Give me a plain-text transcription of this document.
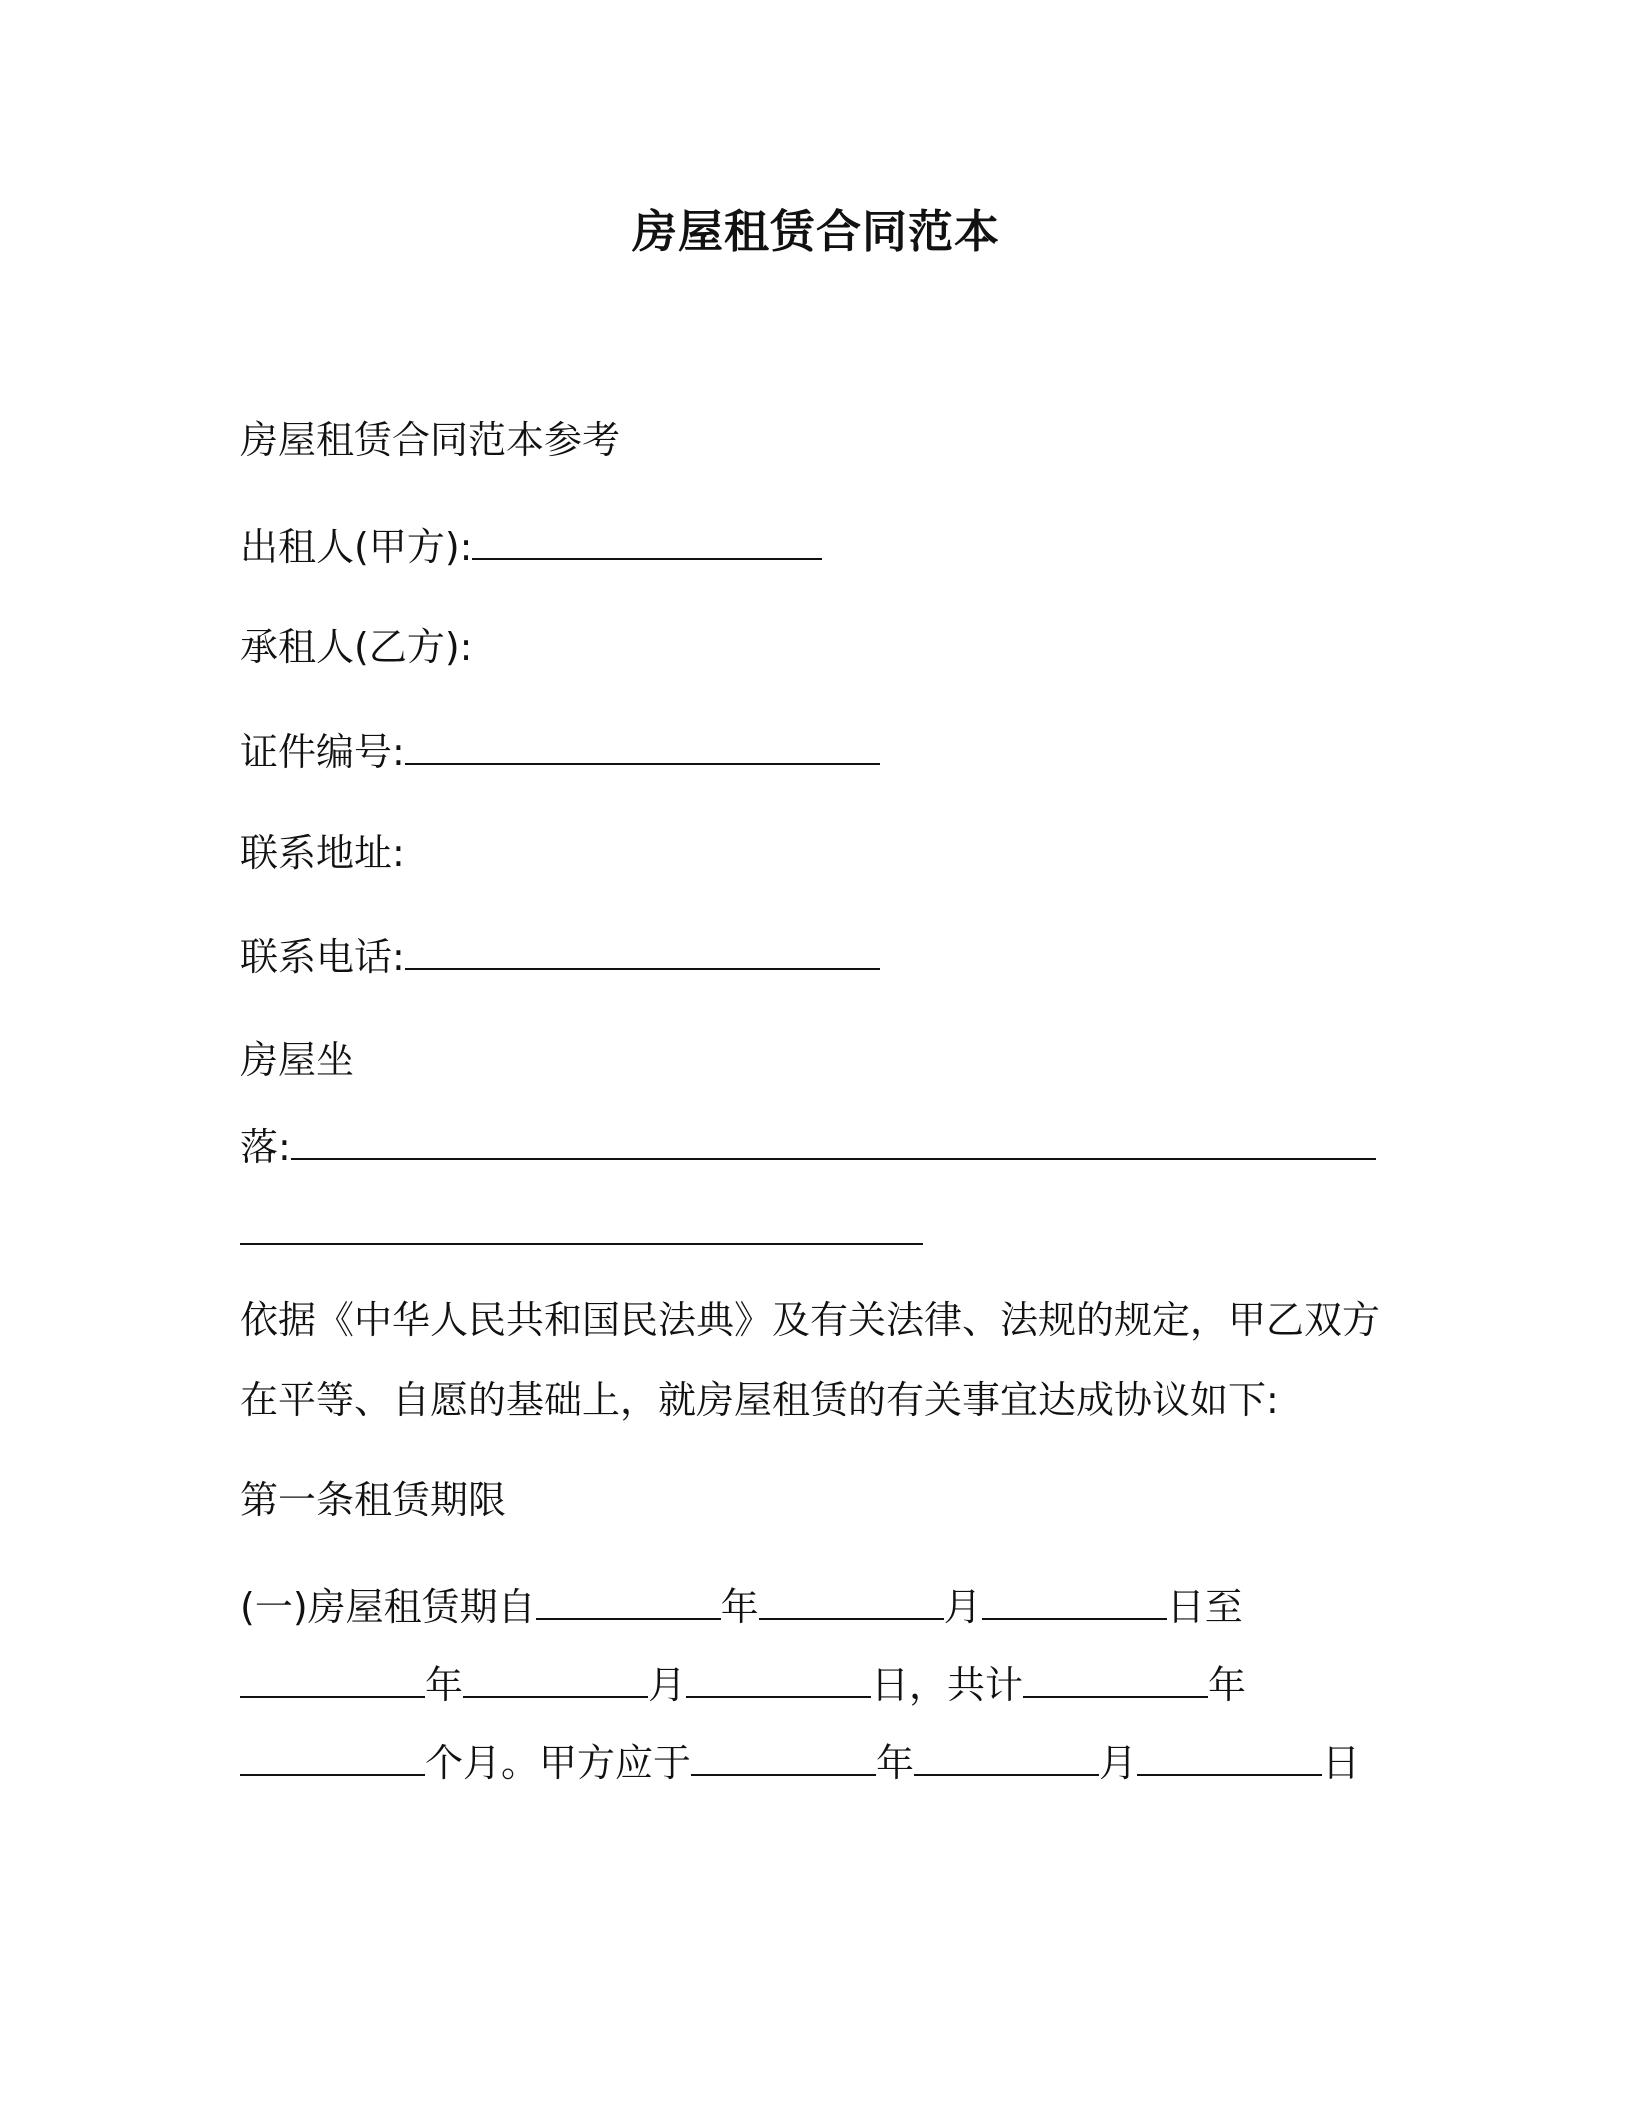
房屋租赁合同范本

房屋租赁合同范本参考

出租人(甲方):

承租人(乙方):

证件编号:

联系地址:

联系电话:

房屋坐

落:

依据《中华人民共和国民法典》及有关法律、法规的规定，甲乙双方

在平等、自愿的基础上，就房屋租赁的有关事宜达成协议如下:

第一条租赁期限

(一)房屋租赁期自	年	月	日至

年	月	日，共计	年

个月。甲方应于	年	月	日
